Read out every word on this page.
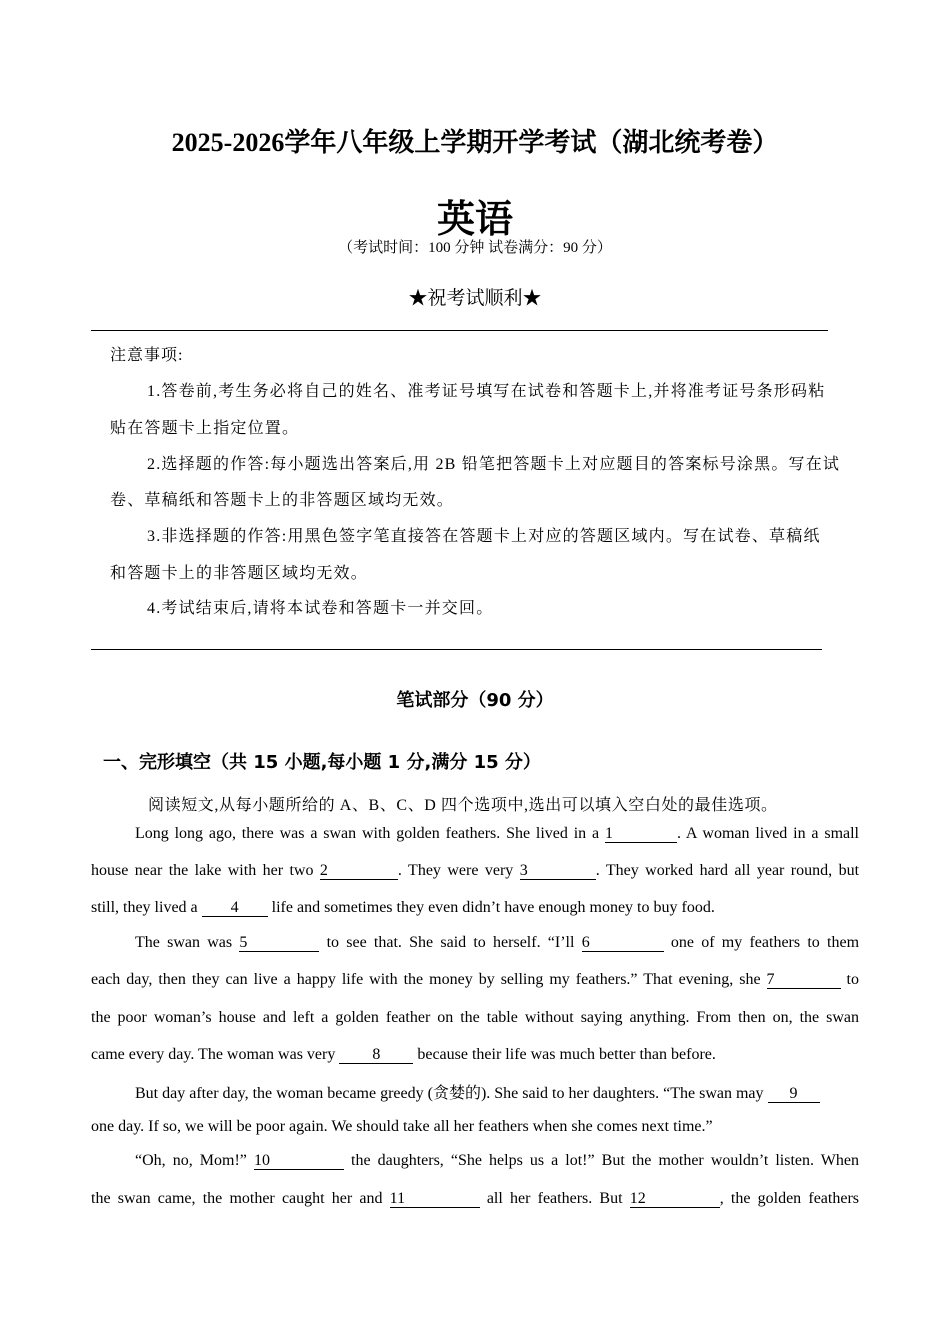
2025-2026学年八年级上学期开学考试（湖北统考卷）
英语
（考试时间：100 分钟 试卷满分：90 分）
★祝考试顺利★
注意事项:
1.答卷前,考生务必将自己的姓名、准考证号填写在试卷和答题卡上,并将准考证号条形码粘
贴在答题卡上指定位置。
2.选择题的作答:每小题选出答案后,用 2B 铅笔把答题卡上对应题目的答案标号涂黑。写在试
卷、草稿纸和答题卡上的非答题区域均无效。
3.非选择题的作答:用黑色签字笔直接答在答题卡上对应的答题区域内。写在试卷、草稿纸
和答题卡上的非答题区域均无效。
4.考试结束后,请将本试卷和答题卡一并交回。
笔试部分（90 分）
一、完形填空（共 15 小题,每小题 1 分,满分 15 分）
阅读短文,从每小题所给的 A、B、C、D 四个选项中,选出可以填入空白处的最佳选项。
Long long ago, there was a swan with golden feathers. She lived in a 1	. A woman lived in a small
house near the lake with her two 2	. They were very 3	. They worked hard all year round, but
still, they lived a 4 life and sometimes they even didn’t have enough money to buy food.
The swan was 5	to see that. She said to herself. “I’ll 6	one of my feathers to them
each day, then they can live a happy life with the money by selling my feathers.” That evening, she 7	to
the poor woman’s house and left a golden feather on the table without saying anything. From then on, the swan
came every day. The woman was very 8 because their life was much better than before.
But day after day, the woman became greedy (贪婪的). She said to her daughters. “The swan may 9
one day. If so, we will be poor again. We should take all her feathers when she comes next time.”
“Oh, no, Mom!” 10	the daughters, “She helps us a lot!” But the mother wouldn’t listen. When
the swan came, the mother caught her and 11	all her feathers. But 12	, the golden feathers
